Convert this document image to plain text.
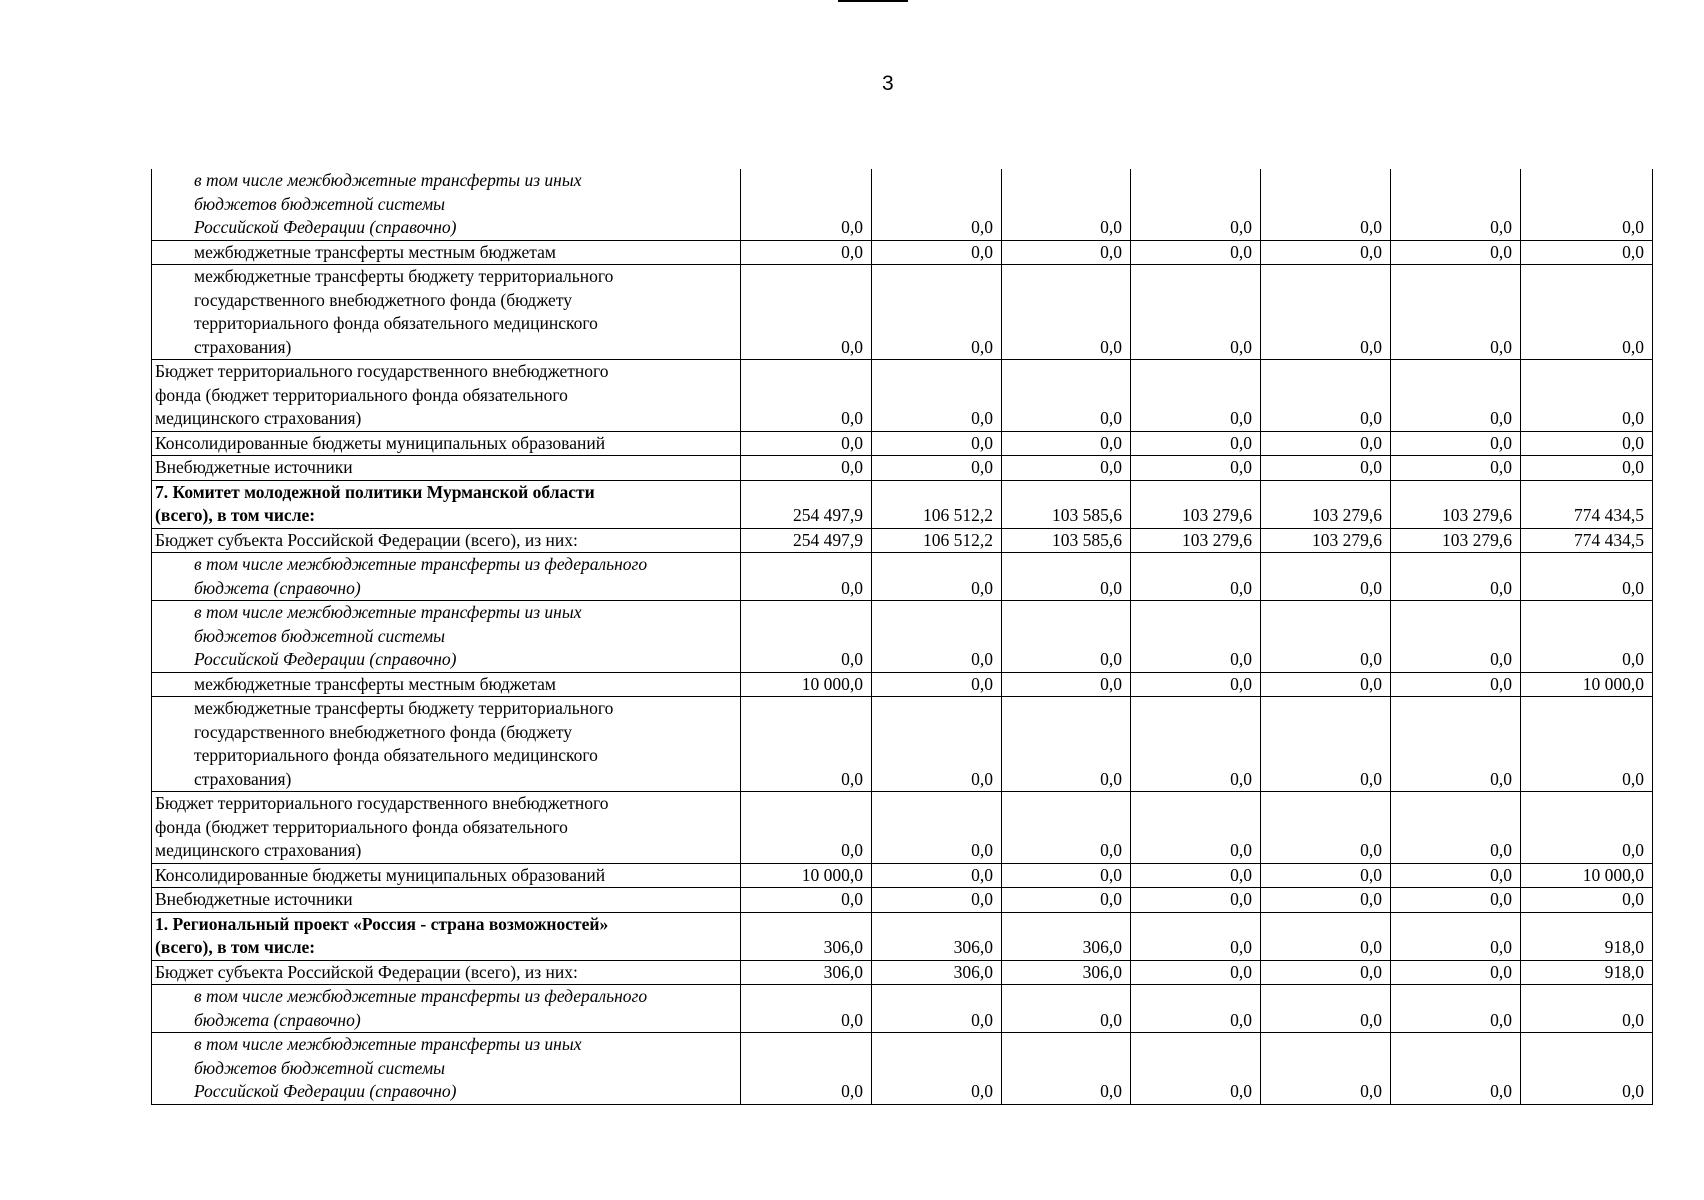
3
в том числе межбюджетные трансферты из иных
бюджетов бюджетной системы
Российской Федерации (справочно)	0,0	0,0	0,0	0,0	0,0	0,0	0,0
межбюджетные трансферты местным бюджетам	0,0	0,0	0,0	0,0	0,0	0,0	0,0
межбюджетные трансферты бюджету территориального
государственного внебюджетного фонда (бюджету
территориального фонда обязательного медицинского
страхования)	0,0	0,0	0,0	0,0	0,0	0,0	0,0
Бюджет территориального государственного внебюджетного
фонда (бюджет территориального фонда обязательного
медицинского страхования)	0,0	0,0	0,0	0,0	0,0	0,0	0,0
Консолидированные бюджеты муниципальных образований	0,0	0,0	0,0	0,0	0,0	0,0	0,0
Внебюджетные источники	0,0	0,0	0,0	0,0	0,0	0,0	0,0
7. Комитет молодежной политики Мурманской области
(всего), в том числе:	254 497,9	106 512,2	103 585,6	103 279,6	103 279,6	103 279,6	774 434,5
Бюджет субъекта Российской Федерации (всего), из них:	254 497,9	106 512,2	103 585,6	103 279,6	103 279,6	103 279,6	774 434,5
в том числе межбюджетные трансферты из федерального
бюджета (справочно)	0,0	0,0	0,0	0,0	0,0	0,0	0,0
в том числе межбюджетные трансферты из иных
бюджетов бюджетной системы
Российской Федерации (справочно)	0,0	0,0	0,0	0,0	0,0	0,0	0,0
межбюджетные трансферты местным бюджетам	10 000,0	0,0	0,0	0,0	0,0	0,0	10 000,0
межбюджетные трансферты бюджету территориального
государственного внебюджетного фонда (бюджету
территориального фонда обязательного медицинского
страхования)	0,0	0,0	0,0	0,0	0,0	0,0	0,0
Бюджет территориального государственного внебюджетного
фонда (бюджет территориального фонда обязательного
медицинского страхования)	0,0	0,0	0,0	0,0	0,0	0,0	0,0
Консолидированные бюджеты муниципальных образований	10 000,0	0,0	0,0	0,0	0,0	0,0	10 000,0
Внебюджетные источники	0,0	0,0	0,0	0,0	0,0	0,0	0,0
1. Региональный проект «Россия - страна возможностей»
(всего), в том числе:	306,0	306,0	306,0	0,0	0,0	0,0	918,0
Бюджет субъекта Российской Федерации (всего), из них:	306,0	306,0	306,0	0,0	0,0	0,0	918,0
в том числе межбюджетные трансферты из федерального
бюджета (справочно)	0,0	0,0	0,0	0,0	0,0	0,0	0,0
в том числе межбюджетные трансферты из иных
бюджетов бюджетной системы
Российской Федерации (справочно)	0,0	0,0	0,0	0,0	0,0	0,0	0,0
